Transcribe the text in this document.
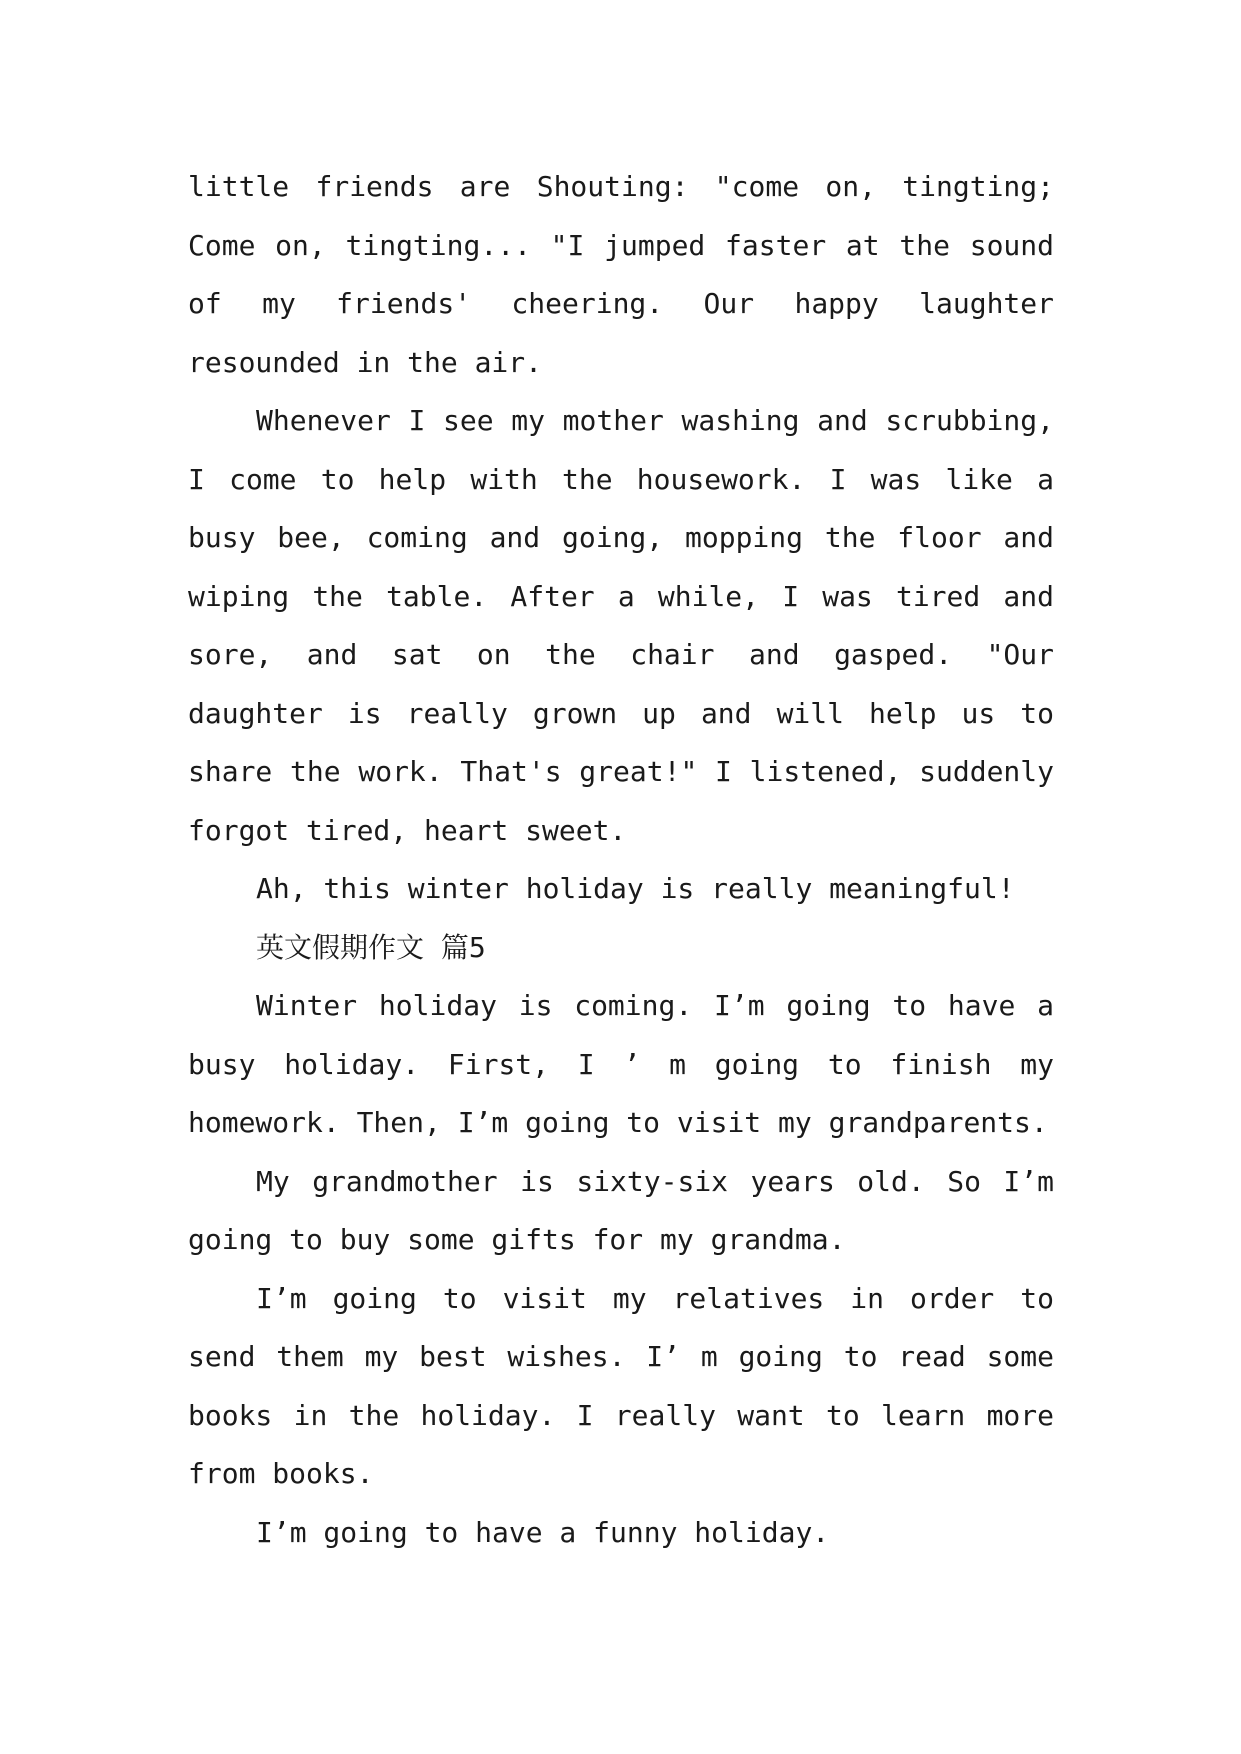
little friends are Shouting: "come on, tingting; Come on, tingting... "I jumped faster at the sound of my friends' cheering. Our happy laughter resounded in the air.

Whenever I see my mother washing and scrubbing, I come to help with the housework. I was like a busy bee, coming and going, mopping the floor and wiping the table. After a while, I was tired and sore, and sat on the chair and gasped. "Our daughter is really grown up and will help us to share the work. That's great!" I listened, suddenly forgot tired, heart sweet.

Ah, this winter holiday is really meaningful!

英文假期作文 篇5

Winter holiday is coming. I’m going to have a busy holiday. First, I ’ m going to finish my homework. Then, I’m going to visit my grandparents.

My grandmother is sixty-six years old. So I’m going to buy some gifts for my grandma.

I’m going to visit my relatives in order to send them my best wishes. I’ m going to read some books in the holiday. I really want to learn more from books.

I’m going to have a funny holiday.
